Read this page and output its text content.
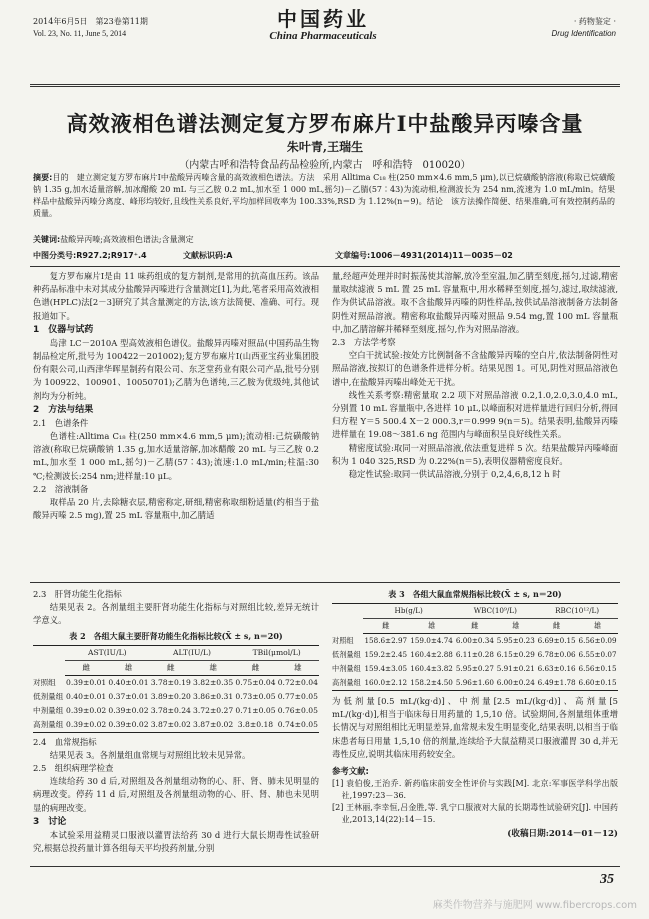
2014年6月5日　第23卷第11期
Vol. 23, No. 11, June 5, 2014
中国药业
China Pharmaceuticals
· 药物鉴定 ·
Drug Identification
高效液相色谱法测定复方罗布麻片Ⅰ中盐酸异丙嗪含量
朱叶青,王瑞生
（内蒙古呼和浩特食品药品检验所,内蒙古　呼和浩特　010020）
摘要:目的　建立测定复方罗布麻片Ⅰ中盐酸异丙嗪含量的高效液相色谱法。方法　采用 Alltima C₁₈ 柱(250 mm×4.6 mm,5 μm),以已烷磺酸钠溶液(称取已烷磺酸钠 1.35 g,加水适量溶解,加冰醋酸 20 mL 与三乙胺 0.2 mL,加水至 1 000 mL,摇匀)－乙腈(57∶43)为流动相,检测波长为 254 nm,流速为 1.0 mL/min。结果　样品中盐酸异丙嗪分离度、峰形均较好,且线性关系良好,平均加样回收率为 100.33%,RSD 为 1.12%(n＝9)。结论　该方法操作简便、结果准确,可有效控制药品的质量。
关键词:盐酸异丙嗪;高效液相色谱法;含量测定
中图分类号:R927.2;R917⁺.4	文献标识码:A	文章编号:1006－4931(2014)11－0035－02

复方罗布麻片Ⅰ是由 11 味药组成的复方制剂,是常用的抗高血压药。该品种药品标准中未对其成分盐酸异丙嗪进行含量测定[1],为此,笔者采用高效液相色谱(HPLC)法[2－3]研究了其含量测定的方法,该方法简便、准确、可行。现报道如下。

1　仪器与试药

岛津 LC－2010A 型高效液相色谱仪。盐酸异丙嗪对照品(中国药品生物制品检定所,批号为 100422－201002);复方罗布麻片Ⅰ(山西亚宝药业集团股份有限公司,山西津华晖星制药有限公司、东芝堂药业有限公司产品,批号分别为 100922、100901、10050701);乙腈为色谱纯,三乙胺为优级纯,其他试剂均为分析纯。

2　方法与结果
2.1　色谱条件

色谱柱:Alltima C₁₈ 柱(250 mm×4.6 mm,5 μm);流动相:己烷磺酸钠溶液(称取已烷磺酸钠 1.35 g,加水适量溶解,加冰醋酸 20 mL 与三乙胺 0.2 mL,加水至 1 000 mL,摇匀)－乙腈(57∶43);流速:1.0 mL/min;柱温:30 ℃;检测波长:254 nm;进样量:10 μL。

2.2　溶液制备

取样品 20 片,去除糖衣层,精密称定,研细,精密称取细粉适量(约相当于盐酸异丙嗪 2.5 mg),置 25 mL 容量瓶中,加乙腈适

量,经超声处理并时时振荡使其溶解,放冷至室温,加乙腈至刻度,摇匀,过滤,精密量取续滤液 5 mL 置 25 mL 容量瓶中,用水稀释至刻度,摇匀,滤过,取续滤液,作为供试品溶液。取不含盐酸异丙嗪的阴性样品,按供试品溶液制备方法制备阴性对照品溶液。精密称取盐酸异丙嗪对照品 9.54 mg,置 100 mL 容量瓶中,加乙腈溶解并稀释至刻度,摇匀,作为对照品溶液。

2.3　方法学考察

空白干扰试验:按处方比例制备不含盐酸异丙嗪的空白片,依法制备阴性对照品溶液,按拟订的色谱条件进样分析。结果见图 1。可见,阴性对照品溶液色谱中,在盐酸异丙嗪出峰处无干扰。

线性关系考察:精密量取 2.2 项下对照品溶液 0.2,1.0,2.0,3.0,4.0 mL,分别置 10 mL 容量瓶中,各进样 10 μL,以峰面积对进样量进行回归分析,得回归方程 Y＝5 500.4 X－2 000.3,r＝0.999 9(n＝5)。结果表明,盐酸异丙嗪进样量在 19.08～381.6 ng 范围内与峰面积呈良好线性关系。

精密度试验:取同一对照品溶液,依法重复进样 5 次。结果盐酸异丙嗪峰面积为 1 040 325,RSD 为 0.22%(n＝5),表明仪器精密度良好。

稳定性试验:取同一供试品溶液,分别于 0,2,4,6,8,12 h 时

2.3　肝肾功能生化指标

结果见表 2。各剂量组主要肝肾功能生化指标与对照组比较,差异无统计学意义。

表 2　各组大鼠主要肝肾功能生化指标比较(X̄ ± s, n＝20)
	AST(IU/L)		ALT(IU/L)		TBil(μmol/L)	
	雌	雄	雌	雄	雌	雄
对照组	0.39±0.01	0.40±0.01	3.78±0.19	3.82±0.35	0.75±0.04	0.72±0.04
低剂量组	0.40±0.01	0.37±0.01	3.89±0.20	3.86±0.31	0.73±0.05	0.77±0.05
中剂量组	0.39±0.02	0.39±0.02	3.78±0.24	3.72±0.27	0.71±0.05	0.76±0.05
高剂量组	0.39±0.02	0.39±0.02	3.87±0.02	3.87±0.02	3.8±0.18	0.74±0.05
2.4　血常规指标

结果见表 3。各剂量组血常规与对照组比较未见异常。

2.5　组织病理学检查

连续给药 30 d 后,对照组及各剂量组动物的心、肝、肾、肺未见明显的病理改变。停药 11 d 后,对照组及各剂量组动物的心、肝、肾、肺也未见明显的病理改变。

3　讨论

本试验采用益精灵口服液以灌胃法给药 30 d 进行大鼠长期毒性试验研究,根据总投药量计算各组每天平均投药剂量,分别

表 3　各组大鼠血常规指标比较(X̄ ± s, n＝20)
	Hb(g/L)		WBC(10⁹/L)		RBC(10¹²/L)	
	雌	雄	雌	雄	雌	雄
对照组	158.6±2.97	159.0±4.74	6.00±0.34	5.95±0.23	6.69±0.15	6.56±0.09
低剂量组	159.2±2.45	160.4±2.88	6.11±0.28	6.15±0.29	6.78±0.06	6.55±0.07
中剂量组	159.4±3.05	160.4±3.82	5.95±0.27	5.91±0.21	6.63±0.16	6.56±0.15
高剂量组	160.0±2.12	158.2±4.50	5.96±1.60	6.00±0.24	6.49±1.78	6.60±0.15

为低剂量[0.5 mL/(kg·d)]、中剂量[2.5 mL/(kg·d)]、高剂量[5 mL/(kg·d)],相当于临床每日用药量的 1,5,10 倍。试验期间,各剂量组体重增长情况与对照组相比无明显差异,血常规未发生明显变化,结果表明,以相当于临床患者每日用量 1,5,10 倍的剂量,连续给予大鼠益精灵口服液灌胃 30 d,并无毒性反应,说明其临床用药较安全。

参考文献:
[1] 袁伯俊,王治乔. 新药临床前安全性评价与实践[M]. 北京:军事医学科学出版社,1997:23－36.
[2] 王林丽,李幸恒,吕金胜,等. 乳宁口服液对大鼠的长期毒性试验研究[J]. 中国药业,2013,14(22):14－15.
(收稿日期:2014－01－12)
35
麻类作物营养与施肥网 www.fibercrops.com
